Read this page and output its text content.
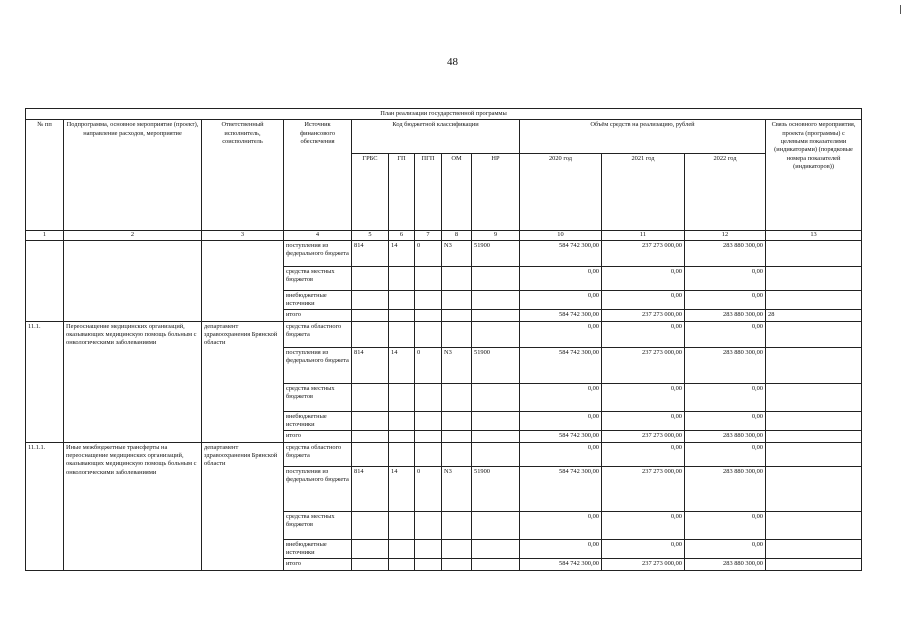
48
План реализации государственной программы												
№ пп	Подпрограмма, основное мероприятие (проект), направление расходов, мероприятие	Ответственный исполнитель, соисполнитель	Источник финансового обеспечения	Код бюджетной классификации					Объём средств на реализацию, рублей			Связь основного мероприятия, проекта (программы) с целевыми показателями (индикаторами) (порядковые номера показателей (индикаторов))
				ГРБС	ГП	ПГП	ОМ	НР	2020 год	2021 год	2022 год	
1	2	3	4	5	6	7	8	9	10	11	12	13
			поступления из федерального бюджета	814	14	0	N3	51900	584 742 300,00	237 273 000,00	283 880 300,00	
			средства местных бюджетов						0,00	0,00	0,00	
			внебюджетные источники						0,00	0,00	0,00	
			итого						584 742 300,00	237 273 000,00	283 880 300,00	28
11.1.	Переоснащение медицинских организаций, оказывающих медицинскую помощь больным с онкологическими заболеваниями	департамент здравоохранения Брянской области	средства областного бюджета						0,00	0,00	0,00	
			поступления из федерального бюджета	814	14	0	N3	51900	584 742 300,00	237 273 000,00	283 880 300,00	
			средства местных бюджетов						0,00	0,00	0,00	
			внебюджетные источники						0,00	0,00	0,00	
			итого						584 742 300,00	237 273 000,00	283 880 300,00	
11.1.1.	Иные межбюджетные трансферты на переоснащение медицинских организаций, оказывающих медицинскую помощь больным с онкологическими заболеваниями	департамент здравоохранения Брянской области	средства областного бюджета						0,00	0,00	0,00	
			поступления из федерального бюджета	814	14	0	N3	51900	584 742 300,00	237 273 000,00	283 880 300,00	
			средства местных бюджетов						0,00	0,00	0,00	
			внебюджетные источники						0,00	0,00	0,00	
			итого						584 742 300,00	237 273 000,00	283 880 300,00	
